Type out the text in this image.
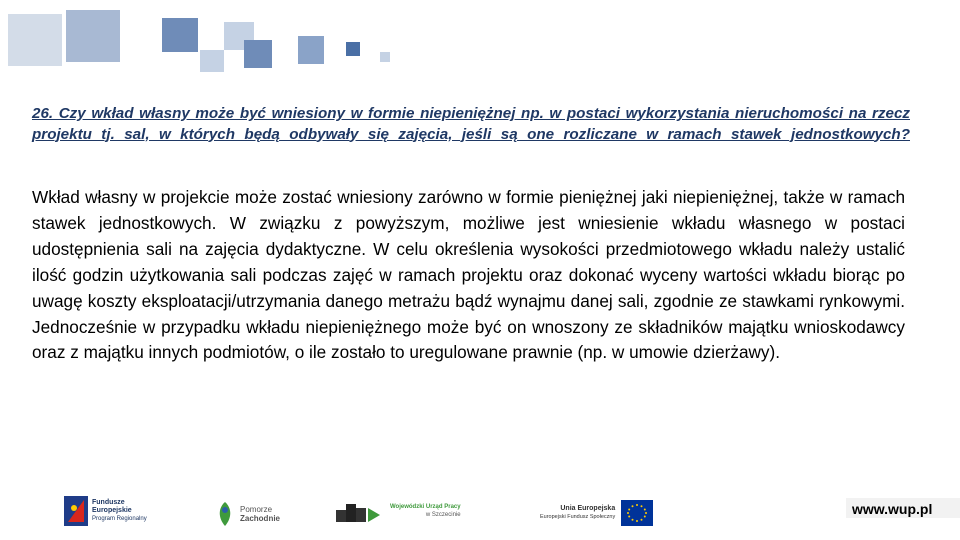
26. Czy wkład własny może być wniesiony w formie niepieniężnej np. w postaci wykorzystania nieruchomości na rzecz projektu tj. sal, w których będą odbywały się zajęcia, jeśli są one rozliczane w ramach stawek jednostkowych?
Wkład własny w projekcie może zostać wniesiony zarówno w formie pieniężnej jaki niepieniężnej, także w ramach stawek jednostkowych. W związku z powyższym, możliwe jest wniesienie wkładu własnego w postaci udostępnienia sali na zajęcia dydaktyczne. W celu określenia wysokości przedmiotowego wkładu należy ustalić ilość godzin użytkowania sali podczas zajęć w ramach projektu oraz dokonać wyceny wartości wkładu biorąc po uwagę koszty eksploatacji/utrzymania danego metrażu bądź wynajmu danej sali, zgodnie ze stawkami rynkowymi. Jednocześnie w przypadku wkładu niepieniężnego może być on wnoszony ze składników majątku wnioskodawcy oraz z majątku innych podmiotów, o ile zostało to uregulowane prawnie (np. w umowie dzierżawy).
Fundusze
Europejskie
Program Regionalny
Pomorze
Zachodnie
Wojewódzki Urząd Pracy
w Szczecinie
Unia Europejska
Europejski Fundusz Społeczny	www.wup.pl
